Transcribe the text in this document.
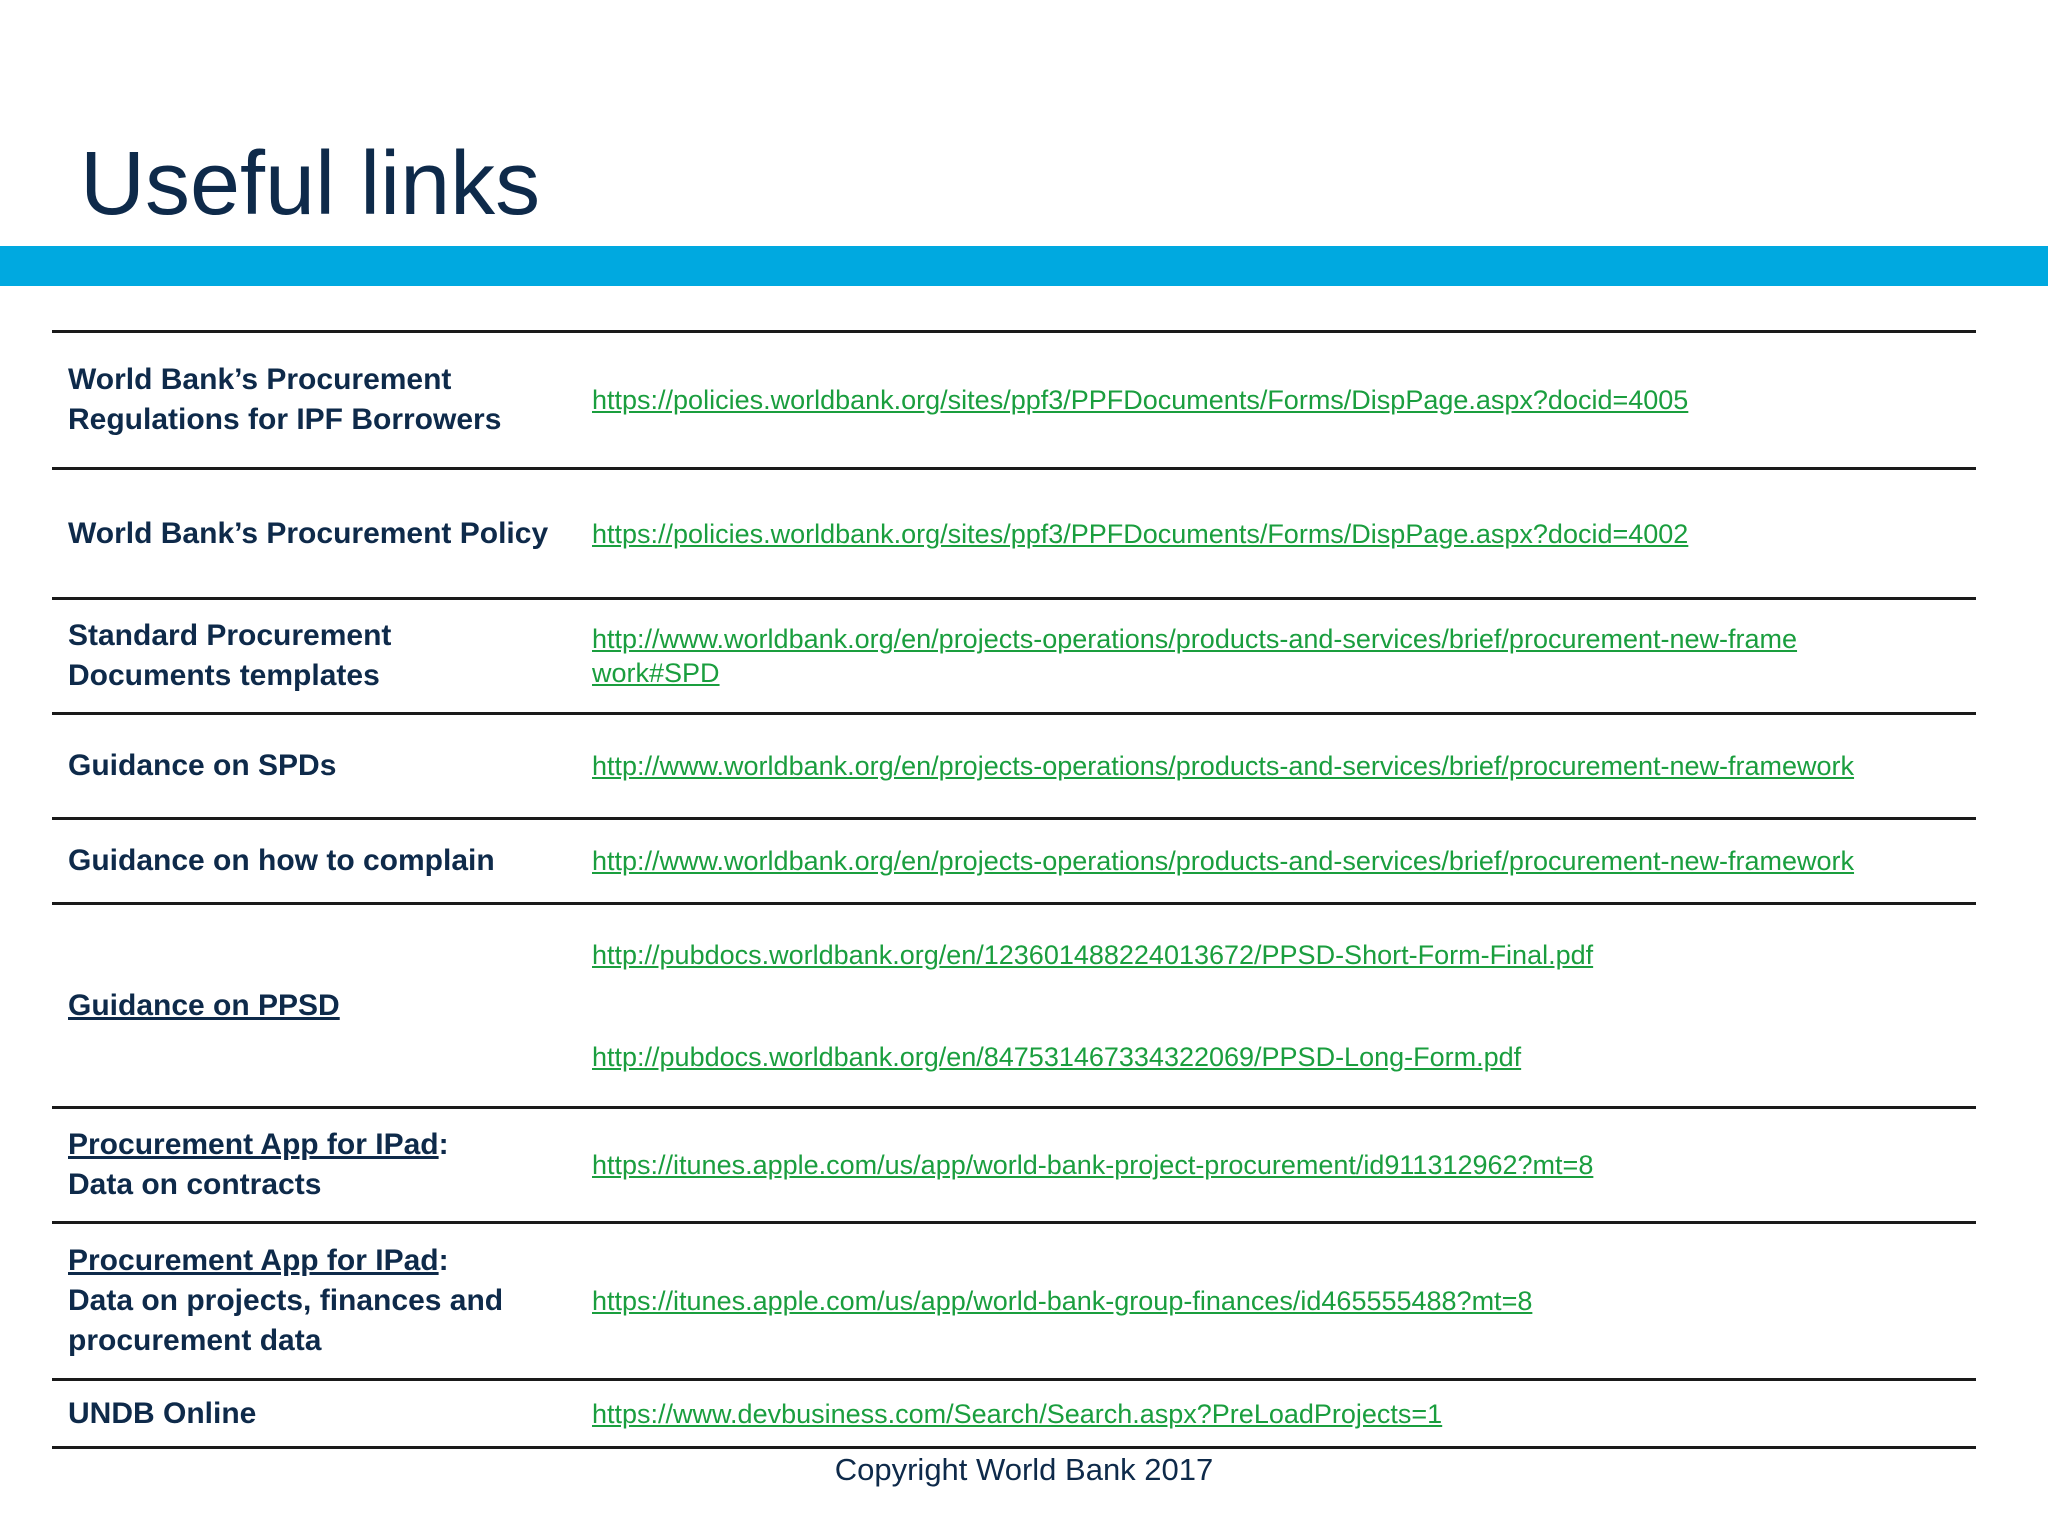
Useful links
World Bank’s Procurement Regulations for IPF Borrowers	https://policies.worldbank.org/sites/ppf3/PPFDocuments/Forms/DispPage.aspx?docid=4005
World Bank’s Procurement Policy	https://policies.worldbank.org/sites/ppf3/PPFDocuments/Forms/DispPage.aspx?docid=4002
Standard Procurement Documents templates	http://www.worldbank.org/en/projects-operations/products-and-services/brief/procurement-new-framework#SPD

Guidance on SPDs	http://www.worldbank.org/en/projects-operations/products-and-services/brief/procurement-new-framework
Guidance on how to complain	http://www.worldbank.org/en/projects-operations/products-and-services/brief/procurement-new-framework
Guidance on PPSD	http://pubdocs.worldbank.org/en/123601488224013672/PPSD-Short-Form-Final.pdf
http://pubdocs.worldbank.org/en/847531467334322069/PPSD-Long-Form.pdf

Procurement App for IPad:
Data on contracts	https://itunes.apple.com/us/app/world-bank-project-procurement/id911312962?mt=8
Procurement App for IPad:
Data on projects, finances and procurement data	https://itunes.apple.com/us/app/world-bank-group-finances/id465555488?mt=8
UNDB Online	https://www.devbusiness.com/Search/Search.aspx?PreLoadProjects=1
Copyright World Bank 2017
